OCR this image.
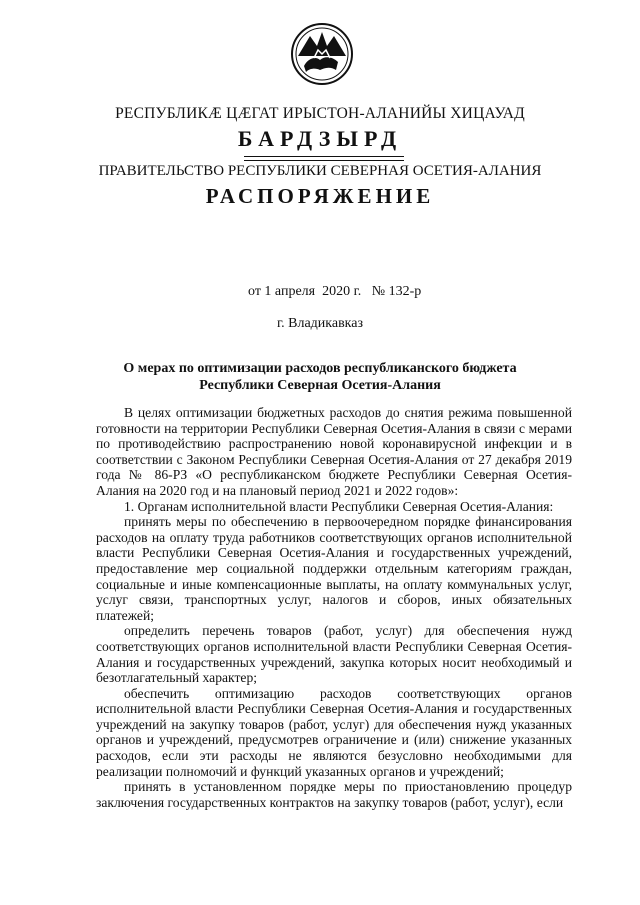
РЕСПУБЛИКӔ ЦӔГАТ ИРЫСТОН-АЛАНИЙЫ ХИЦАУАД
БАРДЗЫРД
ПРАВИТЕЛЬСТВО РЕСПУБЛИКИ СЕВЕРНАЯ ОСЕТИЯ-АЛАНИЯ
РАСПОРЯЖЕНИЕ
от 1 апреля  2020 г.   № 132-р
г. Владикавказ
О мерах по оптимизации расходов республиканского бюджета
Республики Северная Осетия-Алания

В целях оптимизации бюджетных расходов до снятия режима повышенной готовности на территории Республики Северная Осетия-Алания в связи с мерами по противодействию распространению новой коронавирусной инфекции и в соответствии с Законом Республики Северная Осетия-Алания от 27 декабря 2019 года № 86-РЗ «О республиканском бюджете Республики Северная Осетия-Алания на 2020 год и на плановый период 2021 и 2022 годов»:

1. Органам исполнительной власти Республики Северная Осетия-Алания:

принять меры по обеспечению в первоочередном порядке финансирования расходов на оплату труда работников соответствующих органов исполнительной власти Республики Северная Осетия-Алания и государственных учреждений, предоставление мер социальной поддержки отдельным категориям граждан, социальные и иные компенсационные выплаты, на оплату коммунальных услуг, услуг связи, транспортных услуг, налогов и сборов, иных обязательных платежей;

определить перечень товаров (работ, услуг) для обеспечения нужд соответствующих органов исполнительной власти Республики Северная Осетия-Алания и государственных учреждений, закупка которых носит необходимый и безотлагательный характер;

обеспечить оптимизацию расходов соответствующих органов исполнительной власти Республики Северная Осетия-Алания и государственных учреждений на закупку товаров (работ, услуг) для обеспечения нужд указанных органов и учреждений, предусмотрев ограничение и (или) снижение указанных расходов, если эти расходы не являются безусловно необходимыми для реализации полномочий и функций указанных органов и учреждений;

принять в установленном порядке меры по приостановлению процедур заключения государственных контрактов на закупку товаров (работ, услуг), если
